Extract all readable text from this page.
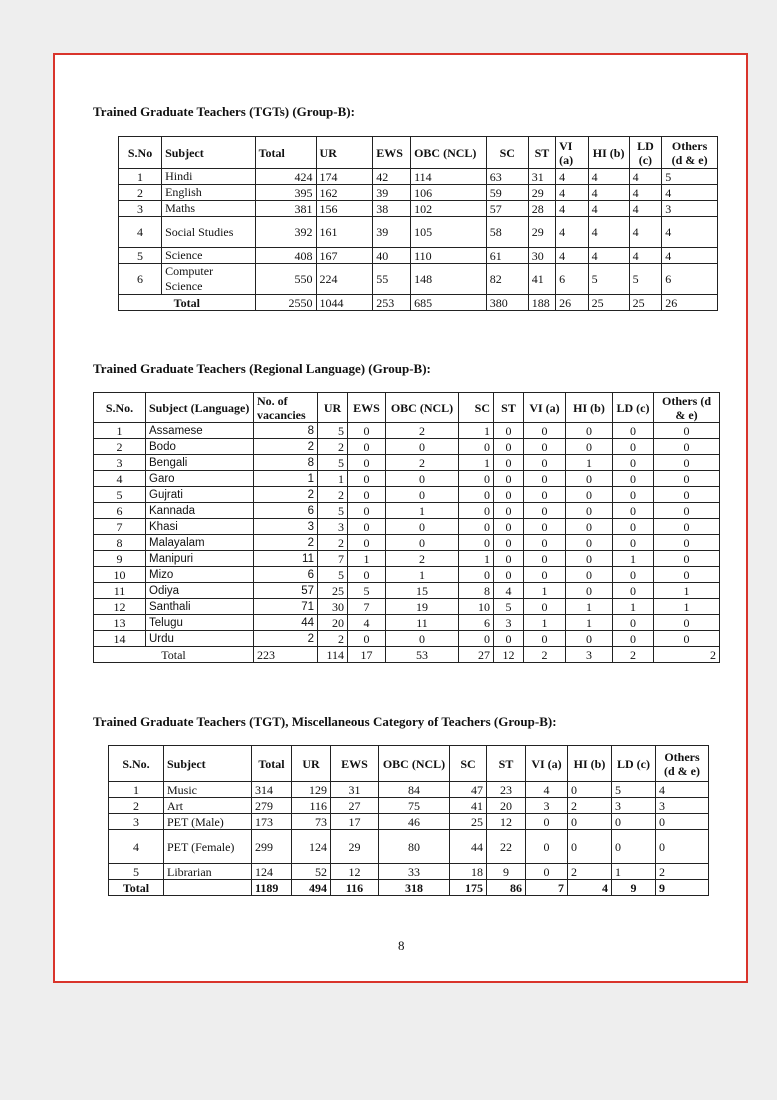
Trained Graduate Teachers (TGTs) (Group-B):
S.No	Subject	Total	UR	EWS	OBC (NCL)	SC	ST	VI (a)	HI (b)	LD (c)	Others (d & e)
1	Hindi	424	174	42	114	63	31	4	4	4	5
2	English	395	162	39	106	59	29	4	4	4	4
3	Maths	381	156	38	102	57	28	4	4	4	3
4	Social Studies	392	161	39	105	58	29	4	4	4	4
5	Science	408	167	40	110	61	30	4	4	4	4
6	Computer Science	550	224	55	148	82	41	6	5	5	6
Total		2550	1044	253	685	380	188	26	25	25	26
Trained Graduate Teachers (Regional Language) (Group-B):
S.No.	Subject (Language)	No. of vacancies	UR	EWS	OBC (NCL)	SC	ST	VI (a)	HI (b)	LD (c)	Others (d & e)
1	Assamese	8	5	0	2	1	0	0	0	0	0
2	Bodo	2	2	0	0	0	0	0	0	0	0
3	Bengali	8	5	0	2	1	0	0	1	0	0
4	Garo	1	1	0	0	0	0	0	0	0	0
5	Gujrati	2	2	0	0	0	0	0	0	0	0
6	Kannada	6	5	0	1	0	0	0	0	0	0
7	Khasi	3	3	0	0	0	0	0	0	0	0
8	Malayalam	2	2	0	0	0	0	0	0	0	0
9	Manipuri	11	7	1	2	1	0	0	0	1	0
10	Mizo	6	5	0	1	0	0	0	0	0	0
11	Odiya	57	25	5	15	8	4	1	0	0	1
12	Santhali	71	30	7	19	10	5	0	1	1	1
13	Telugu	44	20	4	11	6	3	1	1	0	0
14	Urdu	2	2	0	0	0	0	0	0	0	0
Total		223	114	17	53	27	12	2	3	2	2
Trained Graduate Teachers (TGT), Miscellaneous Category of Teachers (Group-B):
S.No.	Subject	Total	UR	EWS	OBC (NCL)	SC	ST	VI (a)	HI (b)	LD (c)	Others (d & e)
1	Music	314	129	31	84	47	23	4	0	5	4
2	Art	279	116	27	75	41	20	3	2	3	3
3	PET (Male)	173	73	17	46	25	12	0	0	0	0
4	PET (Female)	299	124	29	80	44	22	0	0	0	0
5	Librarian	124	52	12	33	18	9	0	2	1	2
Total		1189	494	116	318	175	86	7	4	9	9
8
